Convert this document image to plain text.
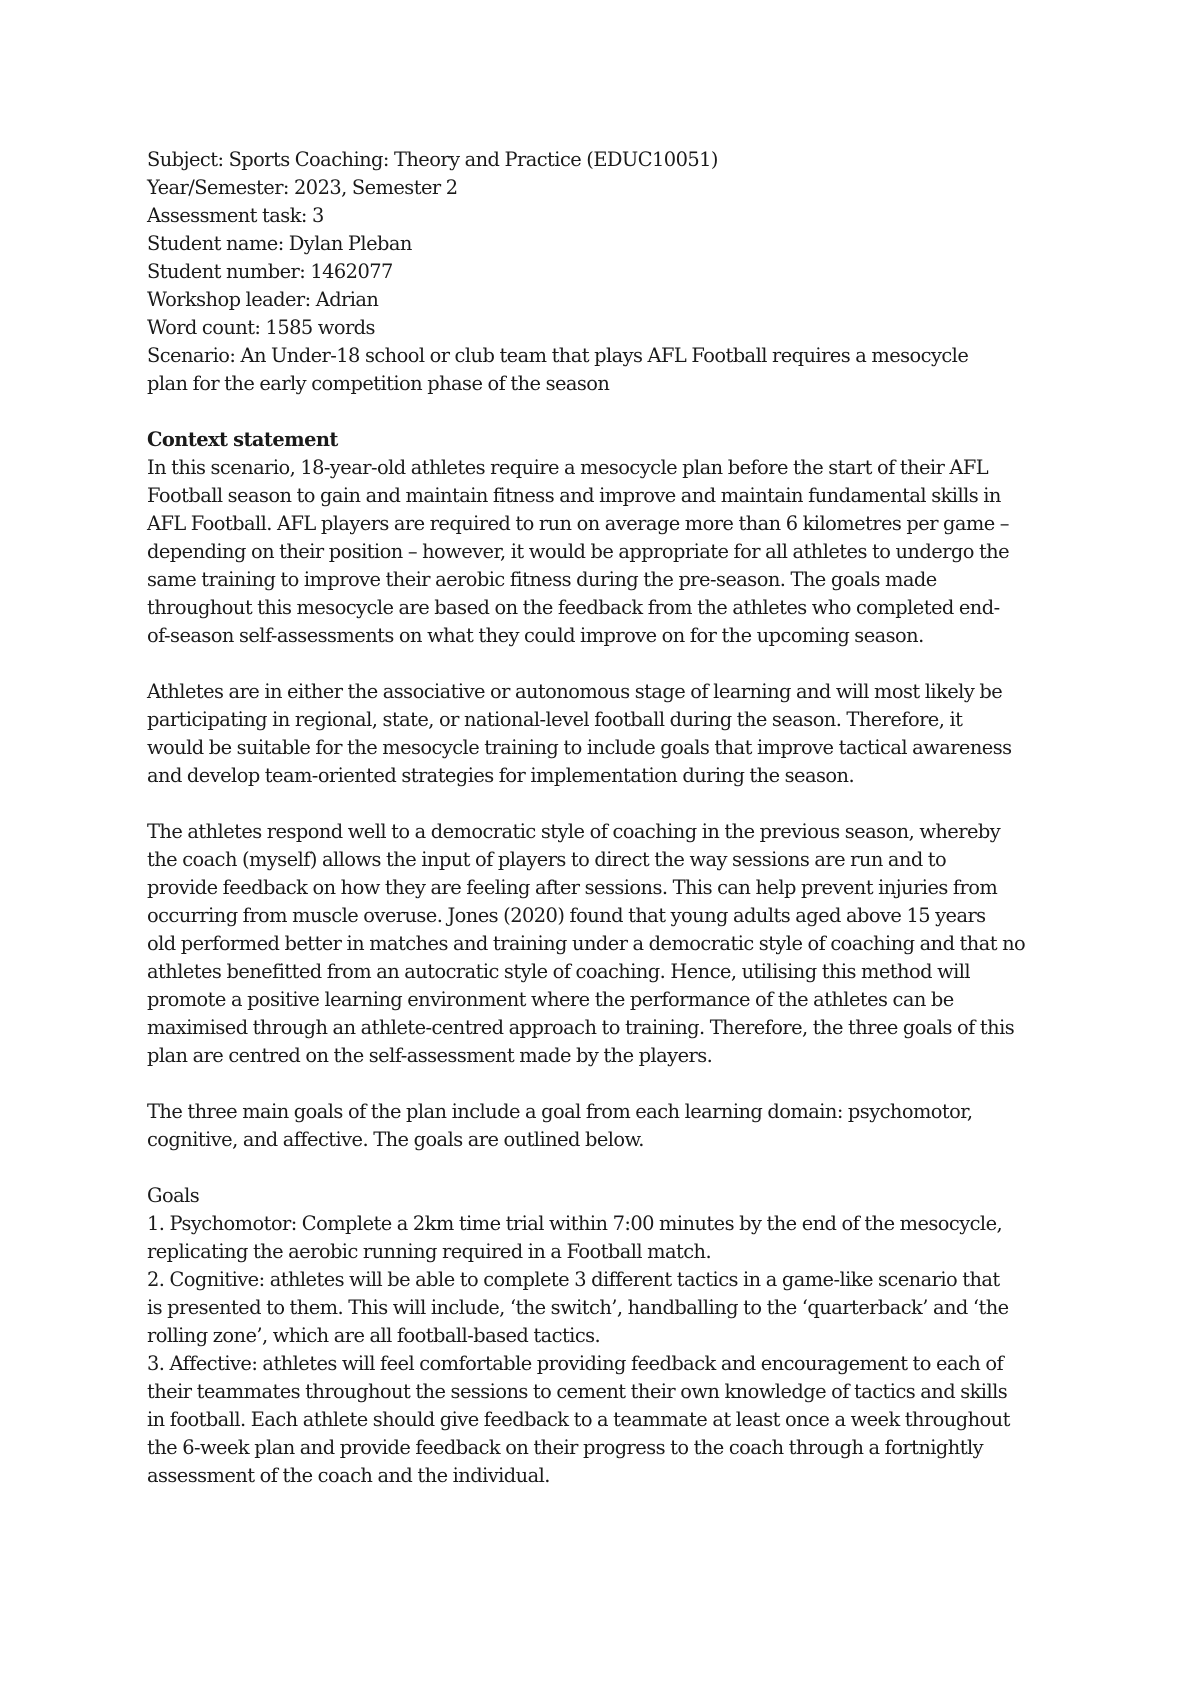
Subject: Sports Coaching: Theory and Practice (EDUC10051)
Year/Semester: 2023, Semester 2
Assessment task: 3
Student name: Dylan Pleban
Student number: 1462077
Workshop leader: Adrian
Word count: 1585 words
Scenario: An Under-18 school or club team that plays AFL Football requires a mesocycle
plan for the early competition phase of the season
Context statement
In this scenario, 18-year-old athletes require a mesocycle plan before the start of their AFL
Football season to gain and maintain fitness and improve and maintain fundamental skills in
AFL Football. AFL players are required to run on average more than 6 kilometres per game –
depending on their position – however, it would be appropriate for all athletes to undergo the
same training to improve their aerobic fitness during the pre-season. The goals made
throughout this mesocycle are based on the feedback from the athletes who completed end-
of-season self-assessments on what they could improve on for the upcoming season.
Athletes are in either the associative or autonomous stage of learning and will most likely be
participating in regional, state, or national-level football during the season. Therefore, it
would be suitable for the mesocycle training to include goals that improve tactical awareness
and develop team-oriented strategies for implementation during the season.
The athletes respond well to a democratic style of coaching in the previous season, whereby
the coach (myself) allows the input of players to direct the way sessions are run and to
provide feedback on how they are feeling after sessions. This can help prevent injuries from
occurring from muscle overuse. Jones (2020) found that young adults aged above 15 years
old performed better in matches and training under a democratic style of coaching and that no
athletes benefitted from an autocratic style of coaching. Hence, utilising this method will
promote a positive learning environment where the performance of the athletes can be
maximised through an athlete-centred approach to training. Therefore, the three goals of this
plan are centred on the self-assessment made by the players.
The three main goals of the plan include a goal from each learning domain: psychomotor,
cognitive, and affective. The goals are outlined below.
Goals
1. Psychomotor: Complete a 2km time trial within 7:00 minutes by the end of the mesocycle,
replicating the aerobic running required in a Football match.
2. Cognitive: athletes will be able to complete 3 different tactics in a game-like scenario that
is presented to them. This will include, ‘the switch’, handballing to the ‘quarterback’ and ‘the
rolling zone’, which are all football-based tactics.
3. Affective: athletes will feel comfortable providing feedback and encouragement to each of
their teammates throughout the sessions to cement their own knowledge of tactics and skills
in football. Each athlete should give feedback to a teammate at least once a week throughout
the 6-week plan and provide feedback on their progress to the coach through a fortnightly
assessment of the coach and the individual.
